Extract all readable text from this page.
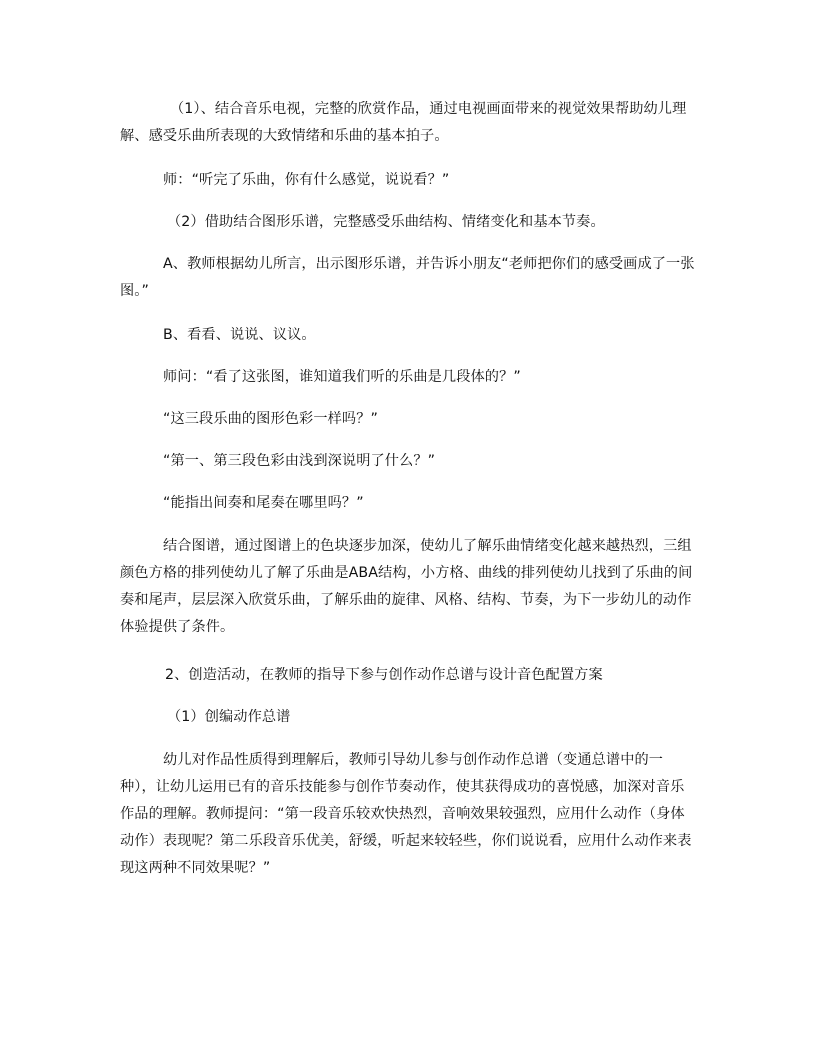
（1）、结合音乐电视，完整的欣赏作品，通过电视画面带来的视觉效果帮助幼儿理解、感受乐曲所表现的大致情绪和乐曲的基本拍子。

师：“听完了乐曲，你有什么感觉，说说看？”

（2）借助结合图形乐谱，完整感受乐曲结构、情绪变化和基本节奏。

A、教师根据幼儿所言，出示图形乐谱，并告诉小朋友“老师把你们的感受画成了一张图。”

B、看看、说说、议议。

师问：“看了这张图，谁知道我们听的乐曲是几段体的？”

“这三段乐曲的图形色彩一样吗？”

“第一、第三段色彩由浅到深说明了什么？”

“能指出间奏和尾奏在哪里吗？”

结合图谱，通过图谱上的色块逐步加深，使幼儿了解乐曲情绪变化越来越热烈，三组颜色方格的排列使幼儿了解了乐曲是ABA结构，小方格、曲线的排列使幼儿找到了乐曲的间奏和尾声，层层深入欣赏乐曲，了解乐曲的旋律、风格、结构、节奏，为下一步幼儿的动作体验提供了条件。

2、创造活动，在教师的指导下参与创作动作总谱与设计音色配置方案

（1）创编动作总谱

幼儿对作品性质得到理解后，教师引导幼儿参与创作动作总谱（变通总谱中的一种），让幼儿运用已有的音乐技能参与创作节奏动作，使其获得成功的喜悦感，加深对音乐作品的理解。教师提问：“第一段音乐较欢快热烈，音响效果较强烈，应用什么动作（身体动作）表现呢？第二乐段音乐优美，舒缓，听起来较轻些，你们说说看，应用什么动作来表现这两种不同效果呢？”
